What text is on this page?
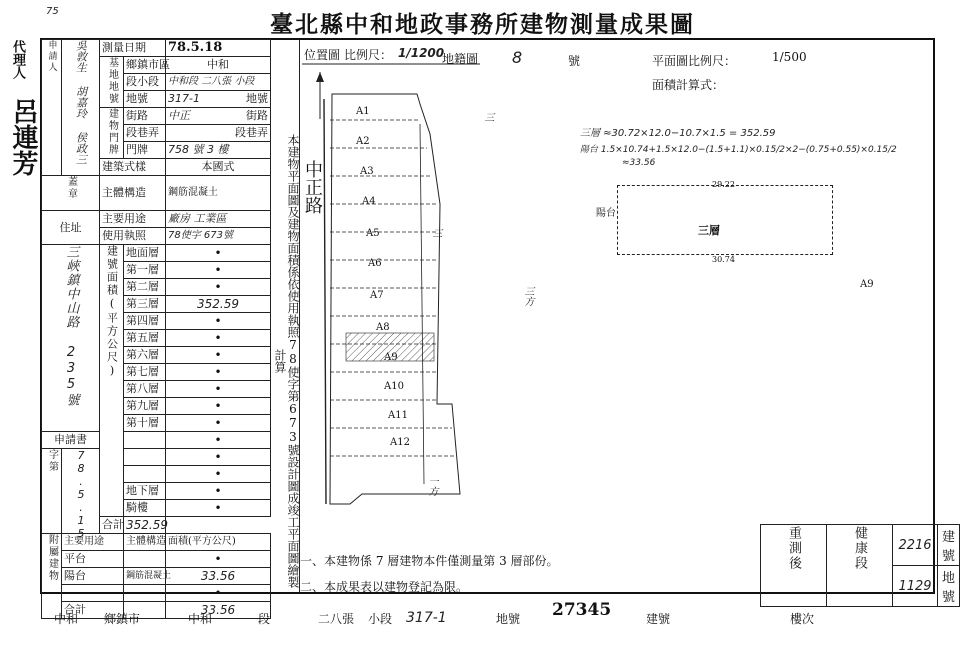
臺北縣中和地政事務所建物測量成果圖
75
代理人
呂連芳
申請人	吳敦生 胡嘉玲 侯政三	測量日期		78.5.18
		基地地號	鄉鎮市區	中和
			段小段	中和段 二八張 小段
			地號	317-1 地號

		建物門牌	街路	中正 街路

			段巷弄	段巷弄
			門牌	758 號 3 樓
		建築式樣		本國式
蓋章		主體構造		鋼筋混凝土
住址		主要用途		廠房 工業區
		使用執照		78使字 673號
三峽鎮中山路 235號		建號面積(平方公尺)	地面層	•
			第一層	•
			第二層	•
			第三層	352.59
			第四層	•
			第五層	•
			第六層	•
			第七層	•
			第八層	•
			第九層	•
			第十層	•
申請書				•
字第	78.5.15			•
				•
			地下層	•
			騎樓	•
		合計	352.59	
附屬建物	主要用途		主體構造	面積(平方公尺)
	平台			•
	陽台		鋼筋混凝土	33.56
				•
	合計			33.56
本建物平面圖及建物面積係依使用執照78使字第673號設計圖成竣工平面圖繪製計算
位置圖 比例尺： 1/1200
地籍圖 8	號	平面圖比例尺：	1/500
面積計算式：
中正路
A1
A2
A3
A4
A5
A6
A7
A8
A9
A10
A11
A12
三
三
三方
一方
三層 ≈30.72×12.0−10.7×1.5 = 352.59
陽台 1.5×10.74+1.5×12.0−(1.5+1.1)×0.15/2×2−(0.75+0.55)×0.15/2
≈33.56
29.22
30.74
三層
陽台
A9
一、本建物係 7 層建物本件僅測量第 3 層部份。
二、本成果表以建物登記為限。
重測後	健康段	2216	建號
		1129	地號
27345
中和 鄉鎮市	中和	段	二八張 小段 317-1	地號	建號	樓次
